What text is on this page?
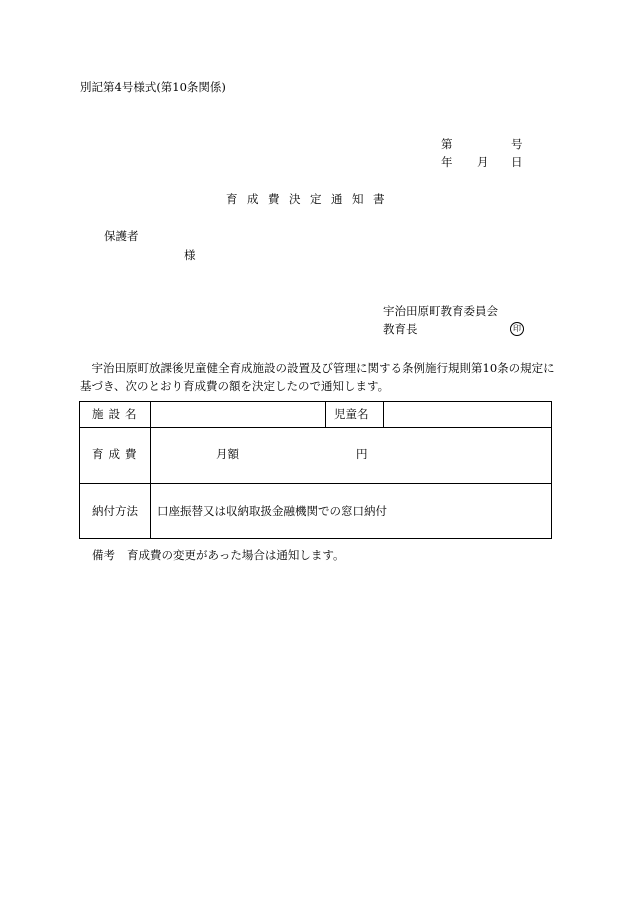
別記第4号様式(第10条関係)
第	号
年 月 日
育成費決定通知書
保護者
様
宇治田原町教育委員会
教育長	印
宇治田原町放課後児童健全育成施設の設置及び管理に関する条例施行規則第10条の規定に基づき、次のとおり育成費の額を決定したので通知します。
施設名	児童名
育成費	月額	円
納付方法 口座振替又は収納取扱金融機関での窓口納付
備考 育成費の変更があった場合は通知します。
